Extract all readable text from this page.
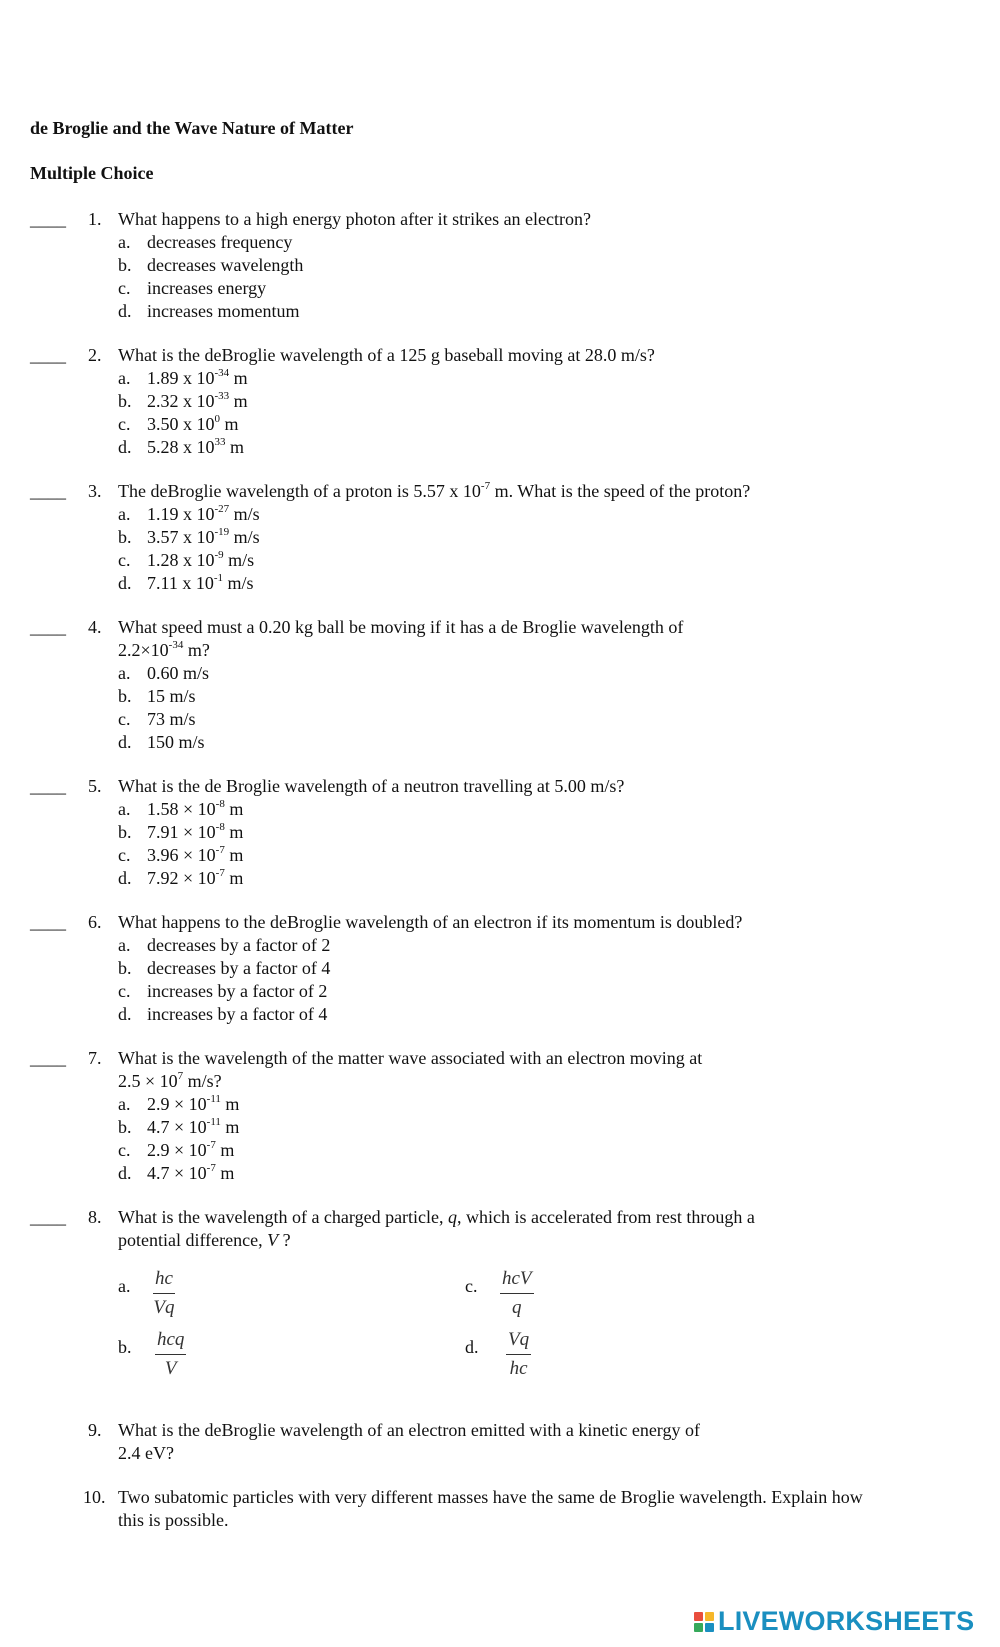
de Broglie and the Wave Nature of Matter
Multiple Choice
____ 1. What happens to a high energy photon after it strikes an electron?
a. decreases frequency
b. decreases wavelength
c. increases energy
d. increases momentum
____ 2. What is the deBroglie wavelength of a 125 g baseball moving at 28.0 m/s?
a. 1.89 x $10^{-34}$ m
b. 2.32 x $10^{-33}$ m
c. 3.50 x $10^0$ m
d. 5.28 x $10^{33}$ m
____ 3. The deBroglie wavelength of a proton is 5.57 x $10^{-7}$ m. What is the speed of the proton?
a. 1.19 x $10^{-27}$ m/s
b. 3.57 x $10^{-19}$ m/s
c. 1.28 x $10^{-9}$ m/s
d. 7.11 x $10^{-1}$ m/s
____ 4. What speed must a 0.20 kg ball be moving if it has a de Broglie wavelength of
$2.2\times 10^{-34}$ m?
a. 0.60 m/s
b. 15 m/s
c. 73 m/s
d. 150 m/s
____ 5. What is the de Broglie wavelength of a neutron travelling at 5.00 m/s?
a. $1.58 \times 10^{-8}$ m
b. $7.91 \times 10^{-8}$ m
c. $3.96 \times 10^{-7}$ m
d. $7.92 \times 10^{-7}$ m
____ 6. What happens to the deBroglie wavelength of an electron if its momentum is doubled?
a. decreases by a factor of 2
b. decreases by a factor of 4
c. increases by a factor of 2
d. increases by a factor of 4
____ 7. What is the wavelength of the matter wave associated with an electron moving at
$2.5 \times 10^7$ m/s?
a. $2.9 \times 10^{-11}$ m
b. $4.7 \times 10^{-11}$ m
c. $2.9 \times 10^{-7}$ m
d. $4.7 \times 10^{-7}$ m
____ 8. What is the wavelength of a charged particle, q, which is accelerated from rest through a
potential difference, V ?
a. hc
Vq
c. hcV
q
b. hcq
V
d. Vq
hc
9. What is the deBroglie wavelength of an electron emitted with a kinetic energy of
2.4 eV?
10. Two subatomic particles with very different masses have the same de Broglie wavelength. Explain how
this is possible.
LIVEWORKSHEETS
